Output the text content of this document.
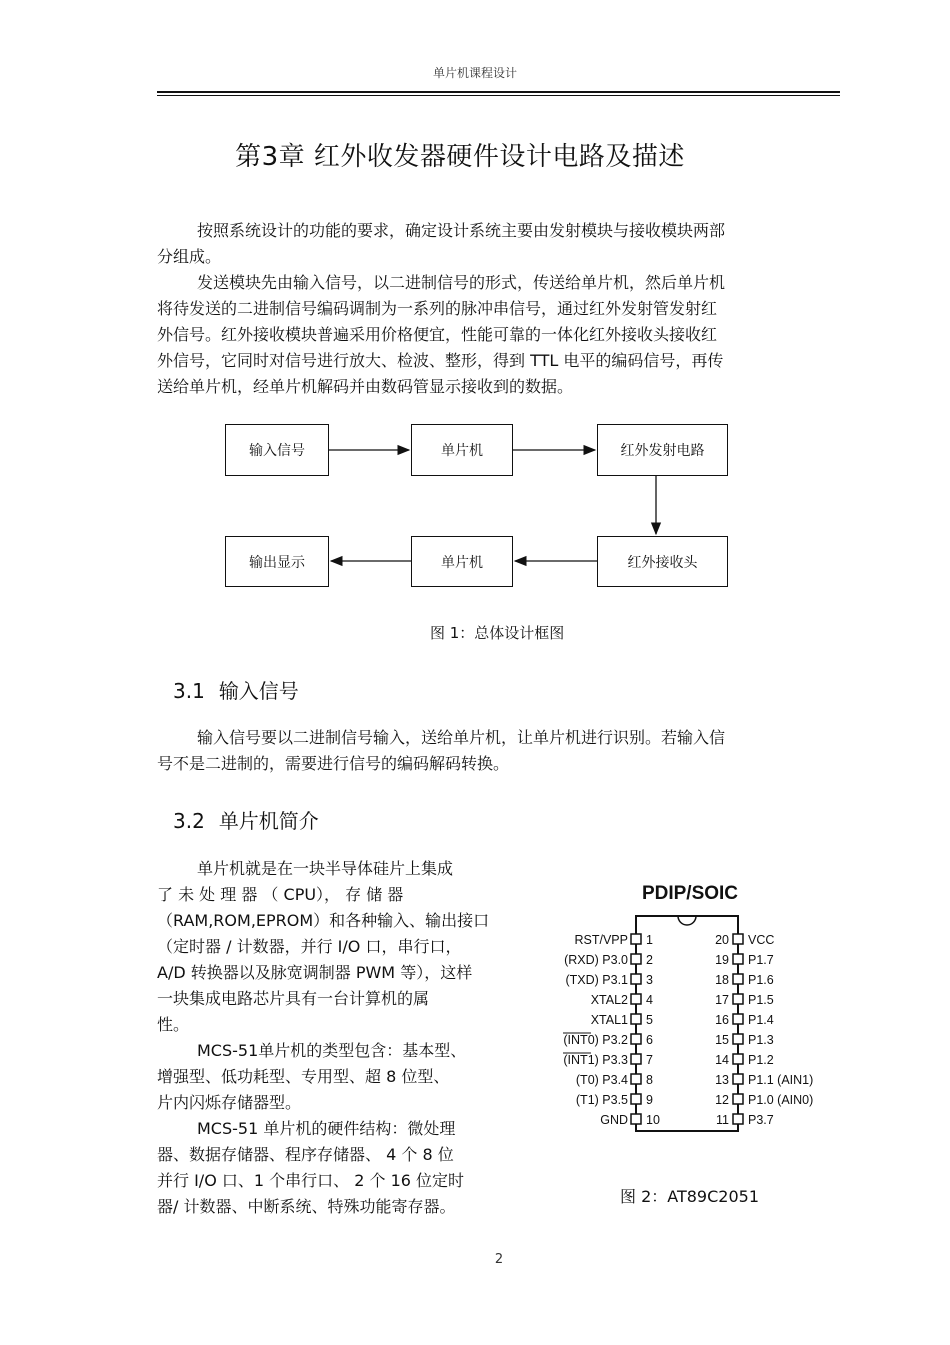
单片机课程设计
第3章 红外收发器硬件设计电路及描述
按照系统设计的功能的要求，确定设计系统主要由发射模块与接收模块两部
分组成。
发送模块先由输入信号，以二进制信号的形式，传送给单片机，然后单片机
将待发送的二进制信号编码调制为一系列的脉冲串信号，通过红外发射管发射红
外信号。红外接收模块普遍采用价格便宜，性能可靠的一体化红外接收头接收红
外信号，它同时对信号进行放大、检波、整形，得到 TTL 电平的编码信号，再传
送给单片机，经单片机解码并由数码管显示接收到的数据。
输入信号	单片机	红外发射电路
输出显示	单片机	红外接收头
图 1：总体设计框图
3.1 输入信号
输入信号要以二进制信号输入，送给单片机，让单片机进行识别。若输入信
号不是二进制的，需要进行信号的编码解码转换。
3.2 单片机简介
单片机就是在一块半导体硅片上集成
了 未 处 理 器 （ CPU）， 存 储 器
（RAM,ROM,EPROM）和各种输入、输出接口
（定时器 / 计数器，并行 I/O 口，串行口，
A/D 转换器以及脉宽调制器 PWM 等），这样
一块集成电路芯片具有一台计算机的属
性。
MCS-51单片机的类型包含：基本型、
增强型、低功耗型、专用型、超 8 位型、
片内闪烁存储器型。
MCS-51 单片机的硬件结构：微处理
器、数据存储器、程序存储器、 4 个 8 位
并行 I/O 口、1 个串行口、 2 个 16 位定时
器/ 计数器、中断系统、特殊功能寄存器。
PDIP/SOIC
RST/VPP 1
(RXD) P3.0 2
(TXD) P3.1 3
XTAL2 4
XTAL1 5
(INT0) P3.2 6
(INT1) P3.3 7
(T0) P3.4 8
(T1) P3.5 9
GND 10
20 VCC
19 P1.7
18 P1.6
17 P1.5
16 P1.4
15 P1.3
14 P1.2
13 P1.1 (AIN1)
12 P1.0 (AIN0)
11 P3.7
图 2：AT89C2051
2
